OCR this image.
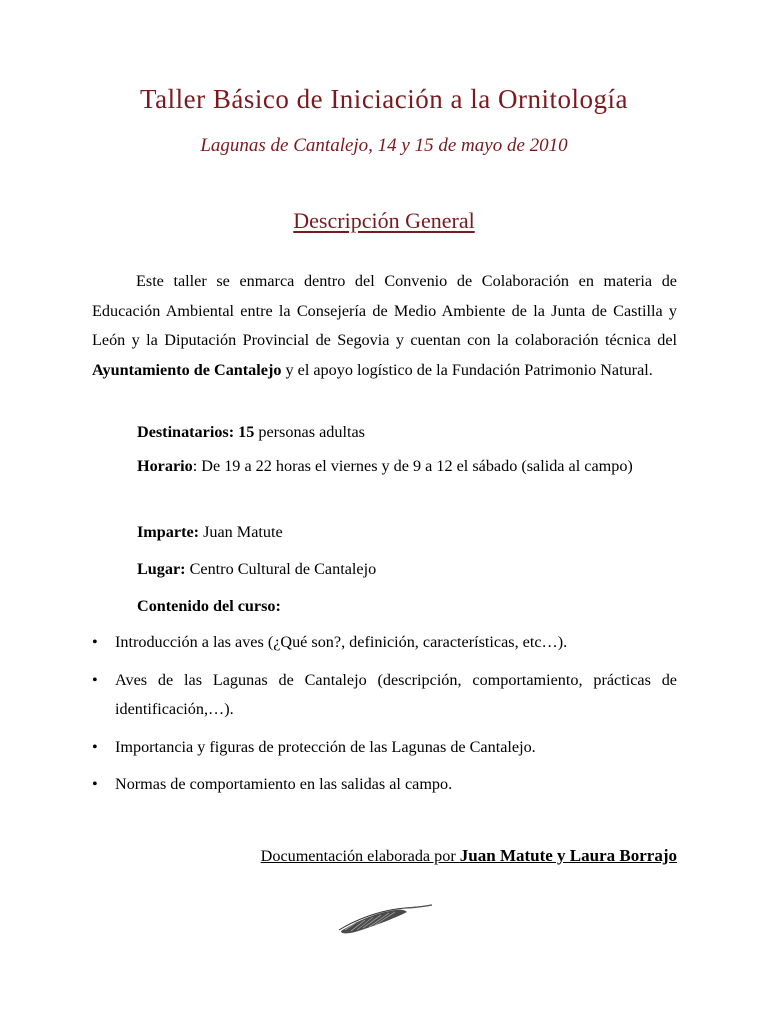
Taller Básico de Iniciación a la Ornitología
Lagunas de Cantalejo, 14 y 15 de mayo de 2010
Descripción General
Este taller se enmarca dentro del Convenio de Colaboración en materia de Educación Ambiental entre la Consejería de Medio Ambiente de la Junta de Castilla y León y la Diputación Provincial de Segovia y cuentan con la colaboración técnica del Ayuntamiento de Cantalejo y el apoyo logístico de la Fundación Patrimonio Natural.
Destinatarios: 15 personas adultas
Horario: De 19 a 22 horas el viernes y de 9 a 12 el sábado (salida al campo)
Imparte: Juan Matute
Lugar: Centro Cultural de Cantalejo
Contenido del curso:
• Introducción a las aves (¿Qué son?, definición, características, etc…).
• Aves de las Lagunas de Cantalejo (descripción, comportamiento, prácticas de identificación,…).
• Importancia y figuras de protección de las Lagunas de Cantalejo.
• Normas de comportamiento en las salidas al campo.
Documentación elaborada por Juan Matute y Laura Borrajo
